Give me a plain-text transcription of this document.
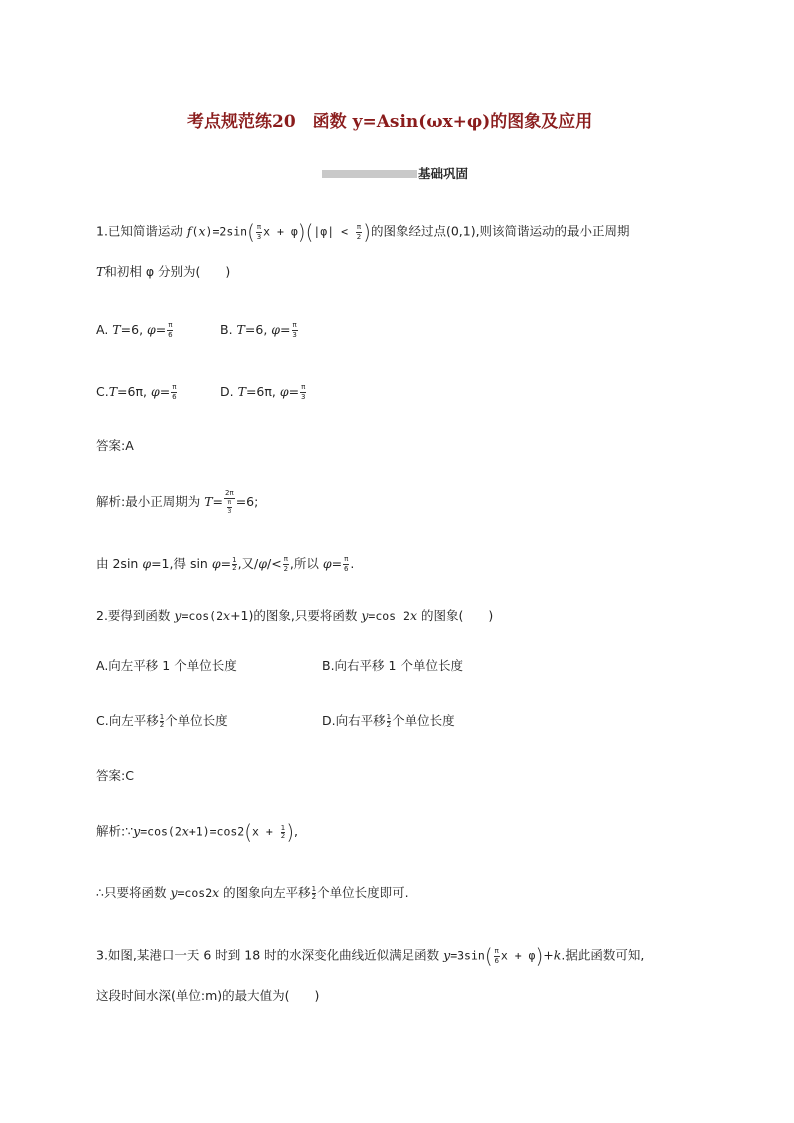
考点规范练20　函数 y=Asin(ωx+φ)的图象及应用
基础巩固
1.已知简谐运动 $f(x)=2\sin( \frac{\pi}{3}$ $x + \varphi)(|\varphi| < \frac{\pi}{2}$ )的图象经过点(0,1),则该简谐运动的最小正周期
T和初相 φ 分别为(　　)
A. T=6, $\varphi= \frac{\pi}{6}$	B. T=6, $\varphi= \frac{\pi}{3}$
C.T=6π, $\varphi= \frac{\pi}{6}$	D. T=6π, $\varphi= \frac{\pi}{3}$
答案:A
解析:最小正周期为 $T= \frac{2\pi}{\frac{\pi}{3}} =6$;
由 2sin φ=1,得 $\sin \varphi= \frac{1}{2}$ ,又$/\varphi/< \frac{\pi}{2}$ ,所以 $\varphi= \frac{\pi}{6}$ .
2.要得到函数 y=cos(2x+1)的图象,只要将函数 y=cos 2x 的图象(　　)
A.向左平移 1 个单位长度	B.向右平移 1 个单位长度
C.向左平移 $\frac{1}{2}$ 个单位长度	D.向右平移 $\frac{1}{2}$ 个单位长度
答案:C
解析:∵y=cos(2x+1)=cos2(x + $\frac{1}{2}$ ),
∴只要将函数 y=cos2x 的图象向左平移 $\frac{1}{2}$ 个单位长度即可.
3.如图,某港口一天 6 时到 18 时的水深变化曲线近似满足函数 $y=3\sin( \frac{\pi}{6}$ x + φ)+k.据此函数可知,
这段时间水深(单位:m)的最大值为(　　)
